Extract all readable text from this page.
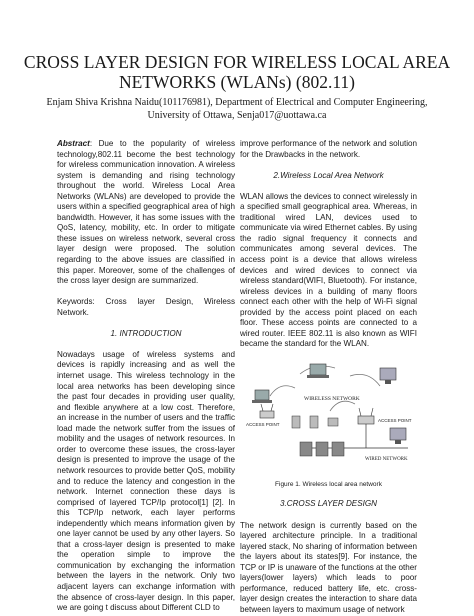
CROSS LAYER DESIGN FOR WIRELESS LOCAL AREA
NETWORKS (WLANs) (802.11)
Enjam Shiva Krishna Naidu(101176981), Department of Electrical and Computer Engineering,
University of Ottawa, Senja017@uottawa.ca

Abstract: Due to the popularity of wireless technology,802.11 become the best technology for wireless communication innovation. A wireless system is demanding and rising technology throughout the world. Wireless Local Area Networks (WLANs) are developed to provide the users within a specified geographical area of high bandwidth. However, it has some issues with the QoS, latency, mobility, etc. In order to mitigate these issues on wireless network, several cross layer design were proposed. The solution regarding to the above issues are classified in this paper. Moreover, some of the challenges of the cross layer design are summarized.

Keywords: Cross layer Design, Wireless Network.

1. INTRODUCTION

Nowadays usage of wireless systems and devices is rapidly increasing and as well the internet usage. This wireless technology in the local area networks has been developing since the past four decades in providing user quality, and flexible anywhere at a low cost. Therefore, an increase in the number of users and the traffic load made the network suffer from the issues of mobility and the usages of network resources. In order to overcome these issues, the cross-layer design is presented to improve the usage of the network resources to provide better QoS, mobility and to reduce the latency and congestion in the network. Internet connection these days is comprised of layered TCP/Ip protocol[1] [2]. In this TCP/Ip network, each layer performs independently which means information given by one layer cannot be used by any other layers. So that a cross-layer design is presented to make the operation simple to improve the communication by exchanging the information between the layers in the network. Only two adjacent layers can exchange information with the absence of cross-layer design. In this paper, we are going t discuss about Different CLD to

improve performance of the network and solution for the Drawbacks in the network.

2.Wireless Local Area Network

WLAN allows the devices to connect wirelessly in a specified small geographical area. Whereas, in traditional wired LAN, devices used to communicate via wired Ethernet cables. By using the radio signal frequency it connects and communicates among several devices. The access point is a device that allows wireless devices and wired devices to connect via wireless standard(WIFI, Bluetooth). For instance, wireless devices in a building of many floors connect each other with the help of Wi-Fi signal provided by the access point placed on each floor. These access points are connected to a wired router. IEEE 802.11 is also known as WIFI became the standard for the WLAN.

ACCESS POINT
WIRELESS NETWORK
ACCESS POINT
WIRED NETWORK

Figure 1. Wireless local area network

3.CROSS LAYER DESIGN

The network design is currently based on the layered architecture principle. In a traditional layered stack, No sharing of information between the layers about its states[9]. For instance, the TCP or IP is unaware of the functions at the other layers(lower layers) which leads to poor performance, reduced battery life, etc. cross-layer design creates the interaction to share data between layers to maximum usage of network
